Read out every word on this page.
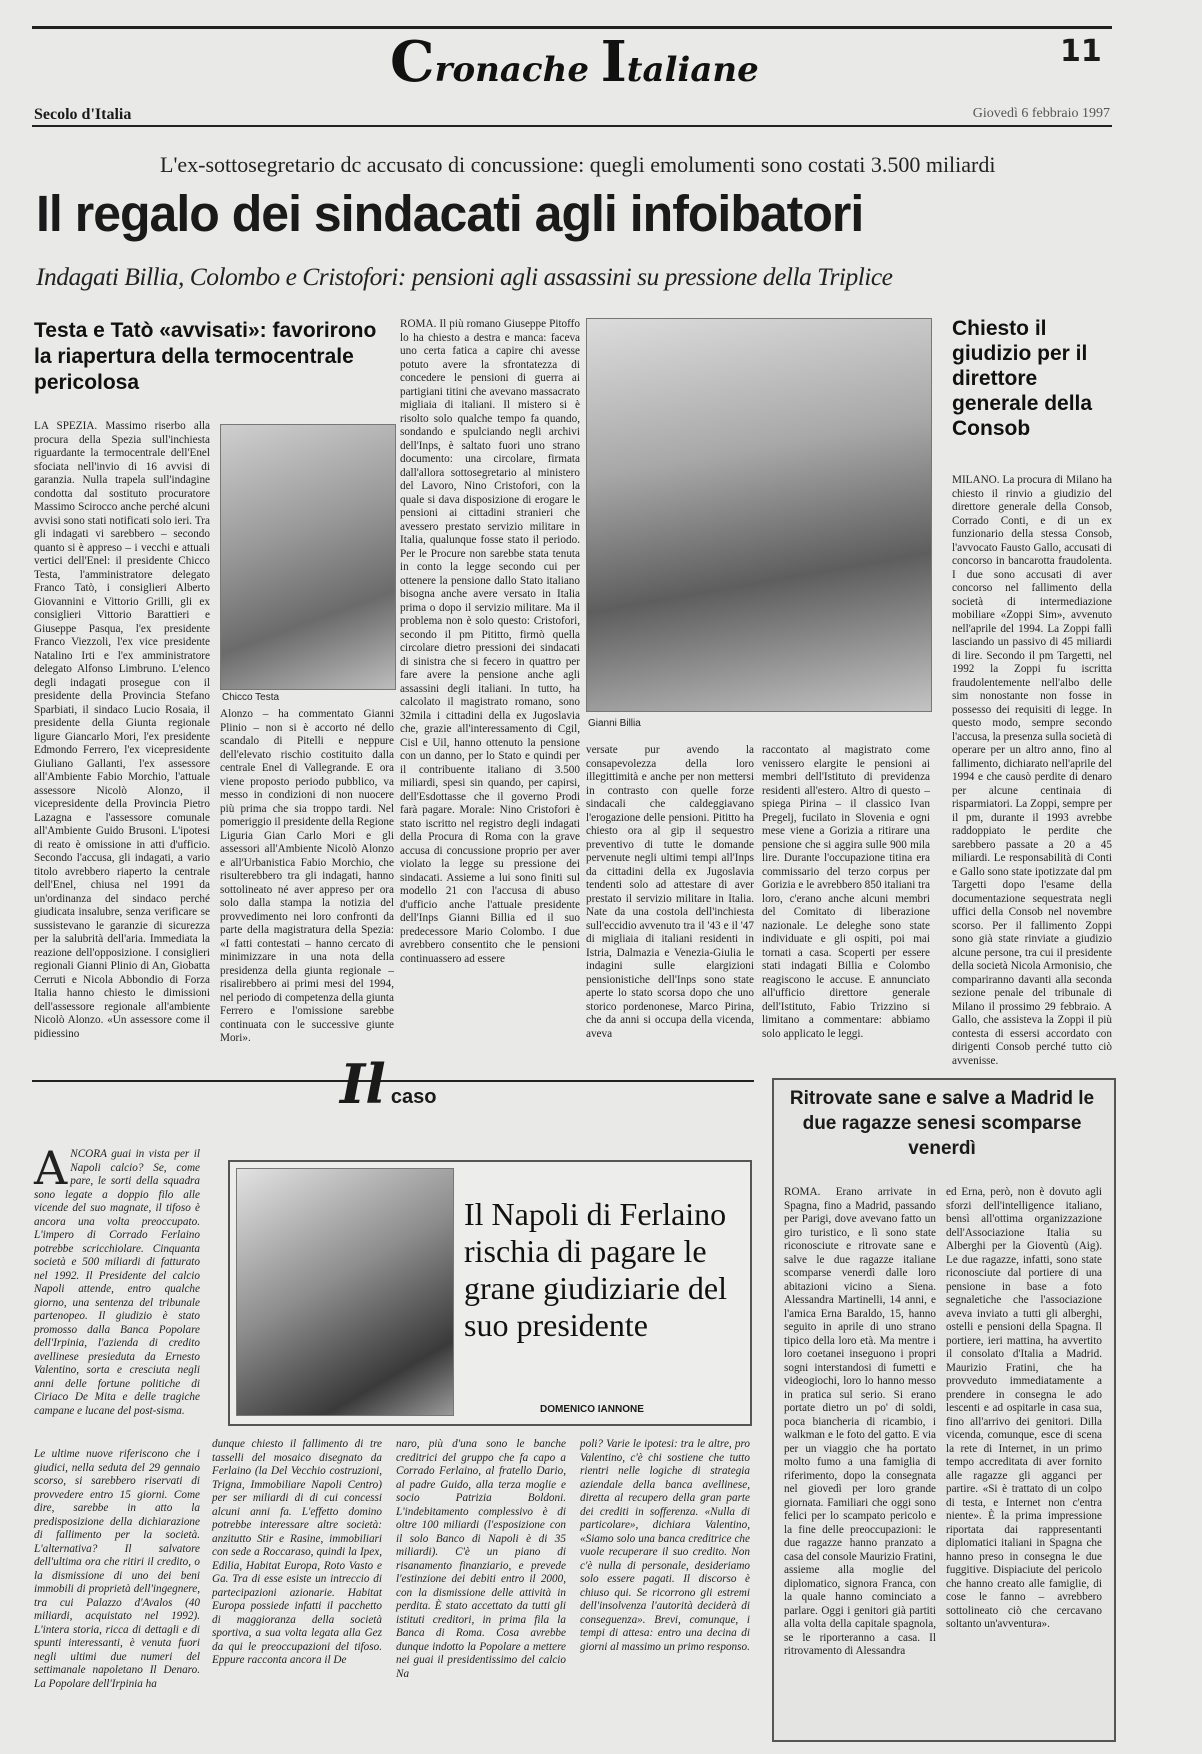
Cronache Italiane	11
Secolo d'Italia	Giovedì 6 febbraio 1997
L'ex-sottosegretario dc accusato di concussione: quegli emolumenti sono costati 3.500 miliardi
Il regalo dei sindacati agli infoibatori
Indagati Billia, Colombo e Cristofori: pensioni agli assassini su pressione della Triplice
Testa e Tatò «avvisati»: favorirono la riapertura della termocentrale pericolosa
LA SPEZIA. Massimo riserbo alla procura della Spezia sull'inchiesta riguardante la termocentrale dell'Enel sfociata nell'invio di 16 avvisi di garanzia. Nulla trapela sull'indagine condotta dal sostituto procuratore Massimo Scirocco anche perché alcuni avvisi sono stati notificati solo ieri. Tra gli indagati vi sarebbero – secondo quanto si è appreso – i vecchi e attuali vertici dell'Enel: il presidente Chicco Testa, l'amministratore delegato Franco Tatò, i consiglieri Alberto Giovannini e Vittorio Grilli, gli ex consiglieri Vittorio Barattieri e Giuseppe Pasqua, l'ex presidente Franco Viezzoli, l'ex vice presidente Natalino Irti e l'ex amministratore delegato Alfonso Limbruno. L'elenco degli indagati prosegue con il presidente della Provincia Stefano Sparbiati, il sindaco Lucio Rosaia, il presidente della Giunta regionale ligure Giancarlo Mori, l'ex presidente Edmondo Ferrero, l'ex vicepresidente Giuliano Gallanti, l'ex assessore all'Ambiente Fabio Morchio, l'attuale assessore Nicolò Alonzo, il vicepresidente della Provincia Pietro Lazagna e l'assessore comunale all'Ambiente Guido Brusoni. L'ipotesi di reato è omissione in atti d'ufficio. Secondo l'accusa, gli indagati, a vario titolo avrebbero riaperto la centrale dell'Enel, chiusa nel 1991 da un'ordinanza del sindaco perché giudicata insalubre, senza verificare se sussistevano le garanzie di sicurezza per la salubrità dell'aria. Immediata la reazione dell'opposizione. I consiglieri regionali Gianni Plinio di An, Giobatta Cerruti e Nicola Abbondio di Forza Italia hanno chiesto le dimissioni dell'assessore regionale all'ambiente Nicolò Alonzo. «Un assessore come il pidiessino
Chicco Testa
Alonzo – ha commentato Gianni Plinio – non si è accorto né dello scandalo di Pitelli e neppure dell'elevato rischio costituito dalla centrale Enel di Vallegrande. E ora viene proposto periodo pubblico, va messo in condizioni di non nuocere più prima che sia troppo tardi. Nel pomeriggio il presidente della Regione Liguria Gian Carlo Mori e gli assessori all'Ambiente Nicolò Alonzo e all'Urbanistica Fabio Morchio, che risulterebbero tra gli indagati, hanno sottolineato né aver appreso per ora solo dalla stampa la notizia del provvedimento nei loro confronti da parte della magistratura della Spezia: «I fatti contestati – hanno cercato di minimizzare in una nota della presidenza della giunta regionale – risalirebbero ai primi mesi del 1994, nel periodo di competenza della giunta Ferrero e l'omissione sarebbe continuata con le successive giunte Mori».
ROMA. Il più romano Giuseppe Pitoffo lo ha chiesto a destra e manca: faceva uno certa fatica a capire chi avesse potuto avere la sfrontatezza di concedere le pensioni di guerra ai partigiani titini che avevano massacrato migliaia di italiani. Il mistero si è risolto solo qualche tempo fa quando, sondando e spulciando negli archivi dell'Inps, è saltato fuori uno strano documento: una circolare, firmata dall'allora sottosegretario al ministero del Lavoro, Nino Cristofori, con la quale si dava disposizione di erogare le pensioni ai cittadini stranieri che avessero prestato servizio militare in Italia, qualunque fosse stato il periodo. Per le Procure non sarebbe stata tenuta in conto la legge secondo cui per ottenere la pensione dallo Stato italiano bisogna anche avere versato in Italia prima o dopo il servizio militare. Ma il problema non è solo questo: Cristofori, secondo il pm Pititto, firmò quella circolare dietro pressioni dei sindacati di sinistra che si fecero in quattro per fare avere la pensione anche agli assassini degli italiani. In tutto, ha calcolato il magistrato romano, sono 32mila i cittadini della ex Jugoslavia che, grazie all'interessamento di Cgil, Cisl e Uil, hanno ottenuto la pensione con un danno, per lo Stato e quindi per il contribuente italiano di 3.500 miliardi, spesi sin quando, per capirsi, dell'Esdottasse che il governo Prodi farà pagare. Morale: Nino Cristofori è stato iscritto nel registro degli indagati della Procura di Roma con la grave accusa di concussione proprio per aver violato la legge su pressione dei sindacati. Assieme a lui sono finiti sul modello 21 con l'accusa di abuso d'ufficio anche l'attuale presidente dell'Inps Gianni Billia ed il suo predecessore Mario Colombo. I due avrebbero consentito che le pensioni continuassero ad essere
Gianni Billia
versate pur avendo la consapevolezza della loro illegittimità e anche per non mettersi in contrasto con quelle forze sindacali che caldeggiavano l'erogazione delle pensioni. Pititto ha chiesto ora al gip il sequestro preventivo di tutte le domande pervenute negli ultimi tempi all'Inps da cittadini della ex Jugoslavia tendenti solo ad attestare di aver prestato il servizio militare in Italia. Nate da una costola dell'inchiesta sull'eccidio avvenuto tra il '43 e il '47 di migliaia di italiani residenti in Istria, Dalmazia e Venezia-Giulia le indagini sulle elargizioni pensionistiche dell'Inps sono state aperte lo stato scorsa dopo che uno storico pordenonese, Marco Pirina, che da anni si occupa della vicenda, aveva
raccontato al magistrato come venissero elargite le pensioni ai membri dell'Istituto di previdenza residenti all'estero. Altro di questo – spiega Pirina – il classico Ivan Pregelj, fucilato in Slovenia e ogni mese viene a Gorizia a ritirare una pensione che si aggira sulle 900 mila lire. Durante l'occupazione titina era commissario del terzo corpus per Gorizia e le avrebbero 850 italiani tra loro, c'erano anche alcuni membri del Comitato di liberazione nazionale. Le deleghe sono state individuate e gli ospiti, poi mai tornati a casa. Scoperti per essere stati indagati Billia e Colombo reagiscono le accuse. E annunciato all'ufficio direttore generale dell'Istituto, Fabio Trizzino si limitano a commentare: abbiamo solo applicato le leggi.
Chiesto il giudizio per il direttore generale della Consob
MILANO. La procura di Milano ha chiesto il rinvio a giudizio del direttore generale della Consob, Corrado Conti, e di un ex funzionario della stessa Consob, l'avvocato Fausto Gallo, accusati di concorso in bancarotta fraudolenta. I due sono accusati di aver concorso nel fallimento della società di intermediazione mobiliare «Zoppi Sim», avvenuto nell'aprile del 1994. La Zoppi fallì lasciando un passivo di 45 miliardi di lire. Secondo il pm Targetti, nel 1992 la Zoppi fu iscritta fraudolentemente nell'albo delle sim nonostante non fosse in possesso dei requisiti di legge. In questo modo, sempre secondo l'accusa, la presenza sulla società di operare per un altro anno, fino al fallimento, dichiarato nell'aprile del 1994 e che causò perdite di denaro per alcune centinaia di risparmiatori. La Zoppi, sempre per il pm, durante il 1993 avrebbe raddoppiato le perdite che sarebbero passate a 20 a 45 miliardi. Le responsabilità di Conti e Gallo sono state ipotizzate dal pm Targetti dopo l'esame della documentazione sequestrata negli uffici della Consob nel novembre scorso. Per il fallimento Zoppi sono già state rinviate a giudizio alcune persone, tra cui il presidente della società Nicola Armonisio, che compariranno davanti alla seconda sezione penale del tribunale di Milano il prossimo 29 febbraio. A Gallo, che assisteva la Zoppi il più contesta di essersi accordato con dirigenti Consob perché tutto ciò avvenisse.
Il caso
ANCORA guai in vista per il Napoli calcio? Se, come pare, le sorti della squadra sono legate a doppio filo alle vicende del suo magnate, il tifoso è ancora una volta preoccupato. L'impero di Corrado Ferlaino potrebbe scricchiolare. Cinquanta società e 500 miliardi di fatturato nel 1992. Il Presidente del calcio Napoli attende, entro qualche giorno, una sentenza del tribunale partenopeo. Il giudizio è stato promosso dalla Banca Popolare dell'Irpinia, l'azienda di credito avellinese presieduta da Ernesto Valentino, sorta e cresciuta negli anni delle fortune politiche di Ciriaco De Mita e delle tragiche campane e lucane del post-sisma.
Il Napoli di Ferlaino rischia di pagare le grane giudiziarie del suo presidente
DOMENICO IANNONE
Le ultime nuove riferiscono che i giudici, nella seduta del 29 gennaio scorso, si sarebbero riservati di provvedere entro 15 giorni. Come dire, sarebbe in atto la predisposizione della dichiarazione di fallimento per la società. L'alternativa? Il salvatore dell'ultima ora che ritiri il credito, o la dismissione di uno dei beni immobili di proprietà dell'ingegnere, tra cui Palazzo d'Avalos (40 miliardi, acquistato nel 1992). L'intera storia, ricca di dettagli e di spunti interessanti, è venuta fuori negli ultimi due numeri del settimanale napoletano Il Denaro. La Popolare dell'Irpinia ha
dunque chiesto il fallimento di tre tasselli del mosaico disegnato da Ferlaino (la Del Vecchio costruzioni, Trigna, Immobiliare Napoli Centro) per ser miliardi di di cui concessi alcuni anni fa. L'effetto domino potrebbe interessare altre società: anzitutto Stir e Rasine, immobiliari con sede a Roccaraso, quindi la Ipex, Edilia, Habitat Europa, Roto Vasto e Ga. Tra di esse esiste un intreccio di partecipazioni azionarie. Habitat Europa possiede infatti il pacchetto di maggioranza della società sportiva, a sua volta legata alla Gez da qui le preoccupazioni del tifoso. Eppure racconta ancora il De
naro, più d'una sono le banche creditrici del gruppo che fa capo a Corrado Ferlaino, al fratello Dario, al padre Guido, alla terza moglie e socio Patrizia Boldoni. L'indebitamento complessivo è di oltre 100 miliardi (l'esposizione con il solo Banco di Napoli è di 35 miliardi). C'è un piano di risanamento finanziario, e prevede l'estinzione dei debiti entro il 2000, con la dismissione delle attività in perdita. È stato accettato da tutti gli istituti creditori, in prima fila la Banca di Roma. Cosa avrebbe dunque indotto la Popolare a mettere nei guai il presidentissimo del calcio Na
poli? Varie le ipotesi: tra le altre, pro Valentino, c'è chi sostiene che tutto rientri nelle logiche di strategia aziendale della banca avellinese, diretta al recupero della gran parte dei crediti in sofferenza. «Nulla di particolare», dichiara Valentino, «Siamo solo una banca creditrice che vuole recuperare il suo credito. Non c'è nulla di personale, desideriamo solo essere pagati. Il discorso è chiuso qui. Se ricorrono gli estremi dell'insolvenza l'autorità deciderà di conseguenza». Brevi, comunque, i tempi di attesa: entro una decina di giorni al massimo un primo responso.
Ritrovate sane e salve a Madrid le due ragazze senesi scomparse venerdì
ROMA. Erano arrivate in Spagna, fino a Madrid, passando per Parigi, dove avevano fatto un giro turistico, e lì sono state riconosciute e ritrovate sane e salve le due ragazze italiane scomparse venerdì dalle loro abitazioni vicino a Siena. Alessandra Martinelli, 14 anni, e l'amica Erna Baraldo, 15, hanno seguito in aprile di uno strano tipico della loro età. Ma mentre i loro coetanei inseguono i propri sogni interstandosi di fumetti e videogiochi, loro lo hanno messo in pratica sul serio. Si erano portate dietro un po' di soldi, poca biancheria di ricambio, i walkman e le foto del gatto. E via per un viaggio che ha portato molto fumo a una famiglia di riferimento, dopo la consegnata nel giovedì per loro grande giornata. Familiari che oggi sono felici per lo scampato pericolo e la fine delle preoccupazioni: le due ragazze hanno pranzato a casa del console Maurizio Fratini, assieme alla moglie del diplomatico, signora Franca, con la quale hanno cominciato a parlare. Oggi i genitori già partiti alla volta della capitale spagnola, se le riporteranno a casa. Il ritrovamento di Alessandra
ed Erna, però, non è dovuto agli sforzi dell'intelligence italiano, bensì all'ottima organizzazione dell'Associazione Italia su Alberghi per la Gioventù (Aig). Le due ragazze, infatti, sono state riconosciute dal portiere di una pensione in base a foto segnaletiche che l'associazione aveva inviato a tutti gli alberghi, ostelli e pensioni della Spagna. Il portiere, ieri mattina, ha avvertito il consolato d'Italia a Madrid. Maurizio Fratini, che ha provveduto immediatamente a prendere in consegna le ado lescenti e ad ospitarle in casa sua, fino all'arrivo dei genitori. Dilla vicenda, comunque, esce di scena la rete di Internet, in un primo tempo accreditata di aver fornito alle ragazze gli agganci per partire. «Si è trattato di un colpo di testa, e Internet non c'entra niente». È la prima impressione riportata dai rappresentanti diplomatici italiani in Spagna che hanno preso in consegna le due fuggitive. Dispiaciute del pericolo che hanno creato alle famiglie, di cose le fanno – avrebbero sottolineato ciò che cercavano soltanto un'avventura».
